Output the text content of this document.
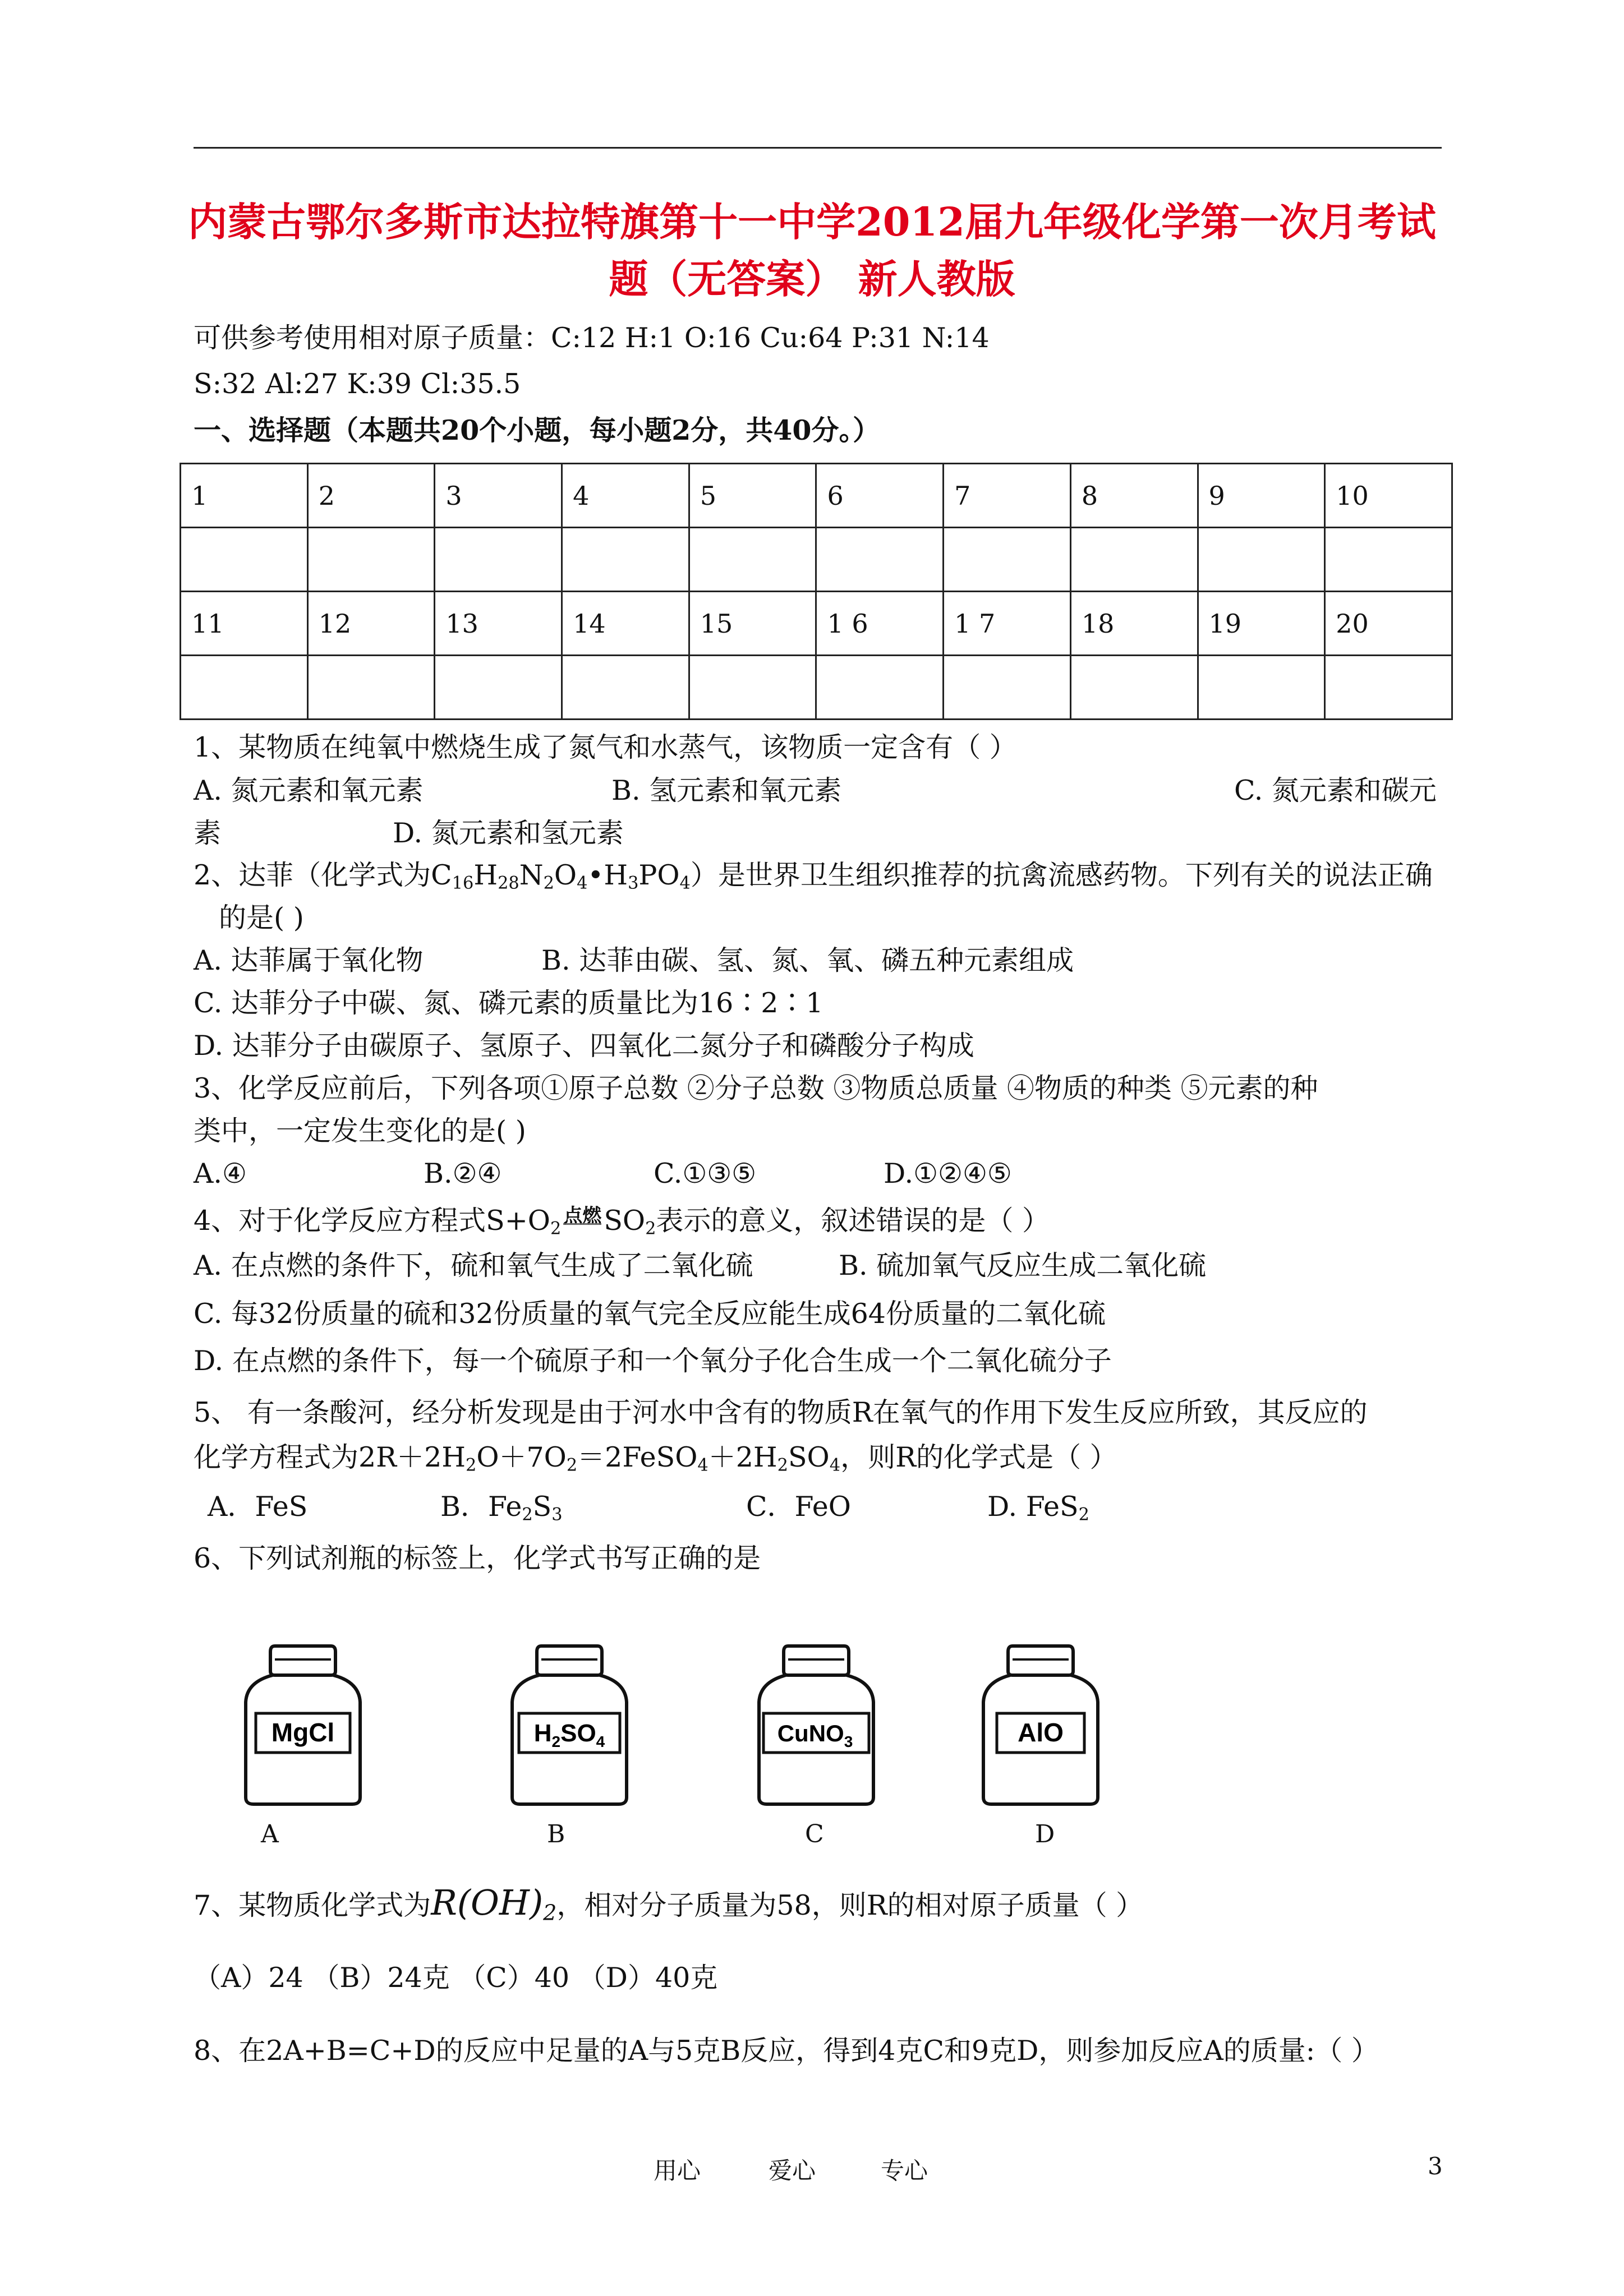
内蒙古鄂尔多斯市达拉特旗第十一中学2012届九年级化学第一次月考试
题（无答案） 新人教版
可供参考使用相对原子质量：C:12 H:1 O:16 Cu:64 P:31 N:14
S:32 Al:27 K:39 Cl:35.5
一、选择题（本题共20个小题，每小题2分，共40分。）
1	2	3	4	5	6	7	8	9	10

11	12	13	14	15	1 6	1 7	18	19	20

1、某物质在纯氧中燃烧生成了氮气和水蒸气，该物质一定含有（ ）
A. 氮元素和氧元素	B. 氢元素和氧元素	C. 氮元素和碳元
素	D. 氮元素和氢元素
2、达菲（化学式为$C_{16}H_{28}N_2O_4•H_3PO_4$）是世界卫生组织推荐的抗禽流感药物。下列有关的说法正确
的是( )
A. 达菲属于氧化物	B. 达菲由碳、氢、氮、氧、磷五种元素组成
C. 达菲分子中碳、氮、磷元素的质量比为16∶2∶1
D. 达菲分子由碳原子、氢原子、四氧化二氮分子和磷酸分子构成
3、化学反应前后，下列各项①原子总数 ②分子总数 ③物质总质量 ④物质的种类 ⑤元素的种
类中，一定发生变化的是( )
A.④	B.②④	C.①③⑤	D.①②④⑤
4、对于化学反应方程式$S+O_2$
点燃 $SO_2$表示的意义，叙述错误的是（ ）
A. 在点燃的条件下，硫和氧气生成了二氧化硫	B. 硫加氧气反应生成二氧化硫
C. 每32份质量的硫和32份质量的氧气完全反应能生成64份质量的二氧化硫
D. 在点燃的条件下，每一个硫原子和一个氧分子化合生成一个二氧化硫分子
5、 有一条酸河，经分析发现是由于河水中含有的物质R在氧气的作用下发生反应所致，其反应的
化学方程式为$2R+2H_2O+7O_2=2FeSO_4+2H_2SO_4$，则R的化学式是（ ）
A．FeS	B．$Fe_2S_3$	C．FeO	D. FeS$_2$
6、下列试剂瓶的标签上，化学式书写正确的是
MgCl
A
$H_2SO_4$
B
CuNO$_3$
C
AlO
D
7、某物质化学式为$R(OH)_2$，相对分子质量为58，则R的相对原子质量（ ）
（A）24 （B）24克 （C）40 （D）40克
8、在2A+B=C+D的反应中足量的A与5克B反应，得到4克C和9克D，则参加反应A的质量:（ ）
用心	爱心	专心	3
